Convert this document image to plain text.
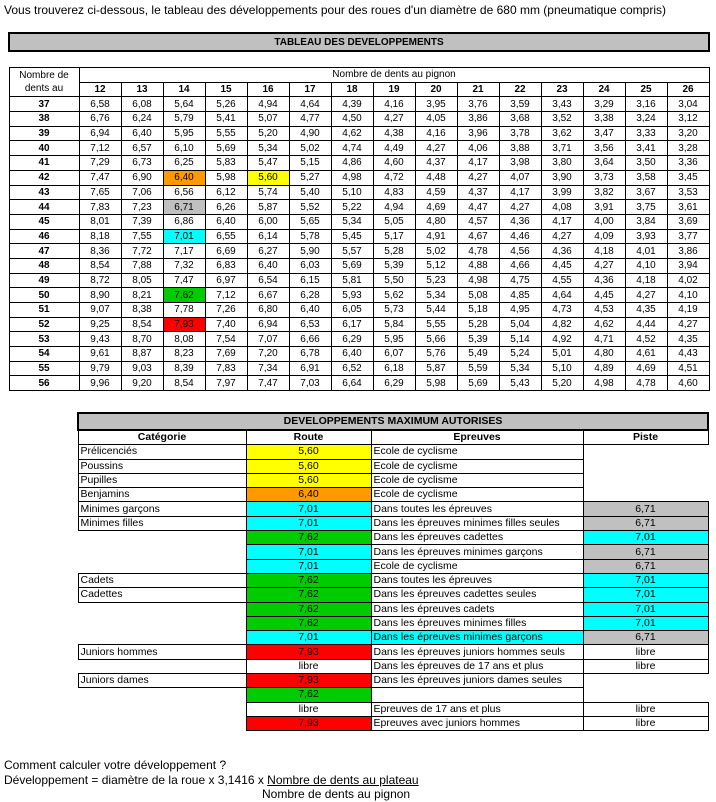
Vous trouverez ci-dessous, le tableau des développements pour des roues d'un diamètre de 680 mm (pneumatique compris)
TABLEAU DES DEVELOPPEMENTS															

Nombre de dents au	Nombre de dents au pignon														
	12	13	14	15	16	17	18	19	20	21	22	23	24	25	26
37	6,58	6,08	5,64	5,26	4,94	4,64	4,39	4,16	3,95	3,76	3,59	3,43	3,29	3,16	3,04
38	6,76	6,24	5,79	5,41	5,07	4,77	4,50	4,27	4,05	3,86	3,68	3,52	3,38	3,24	3,12
39	6,94	6,40	5,95	5,55	5,20	4,90	4,62	4,38	4,16	3,96	3,78	3,62	3,47	3,33	3,20
40	7,12	6,57	6,10	5,69	5,34	5,02	4,74	4,49	4,27	4,06	3,88	3,71	3,56	3,41	3,28
41	7,29	6,73	6,25	5,83	5,47	5,15	4,86	4,60	4,37	4,17	3,98	3,80	3,64	3,50	3,36
42	7,47	6,90	6,40	5,98	5,60	5,27	4,98	4,72	4,48	4,27	4,07	3,90	3,73	3,58	3,45
43	7,65	7,06	6,56	6,12	5,74	5,40	5,10	4,83	4,59	4,37	4,17	3,99	3,82	3,67	3,53
44	7,83	7,23	6,71	6,26	5,87	5,52	5,22	4,94	4,69	4,47	4,27	4,08	3,91	3,75	3,61
45	8,01	7,39	6,86	6,40	6,00	5,65	5,34	5,05	4,80	4,57	4,36	4,17	4,00	3,84	3,69
46	8,18	7,55	7,01	6,55	6,14	5,78	5,45	5,17	4,91	4,67	4,46	4,27	4,09	3,93	3,77
47	8,36	7,72	7,17	6,69	6,27	5,90	5,57	5,28	5,02	4,78	4,56	4,36	4,18	4,01	3,86
48	8,54	7,88	7,32	6,83	6,40	6,03	5,69	5,39	5,12	4,88	4,66	4,45	4,27	4,10	3,94
49	8,72	8,05	7,47	6,97	6,54	6,15	5,81	5,50	5,23	4,98	4,75	4,55	4,36	4,18	4,02
50	8,90	8,21	7,62	7,12	6,67	6,28	5,93	5,62	5,34	5,08	4,85	4,64	4,45	4,27	4,10
51	9,07	8,38	7,78	7,26	6,80	6,40	6,05	5,73	5,44	5,18	4,95	4,73	4,53	4,35	4,19
52	9,25	8,54	7,93	7,40	6,94	6,53	6,17	5,84	5,55	5,28	5,04	4,82	4,62	4,44	4,27
53	9,43	8,70	8,08	7,54	7,07	6,66	6,29	5,95	5,66	5,39	5,14	4,92	4,71	4,52	4,35
54	9,61	8,87	8,23	7,69	7,20	6,78	6,40	6,07	5,76	5,49	5,24	5,01	4,80	4,61	4,43
55	9,79	9,03	8,39	7,83	7,34	6,91	6,52	6,18	5,87	5,59	5,34	5,10	4,89	4,69	4,51
56	9,96	9,20	8,54	7,97	7,47	7,03	6,64	6,29	5,98	5,69	5,43	5,20	4,98	4,78	4,60
DEVELOPPEMENTS MAXIMUM AUTORISES			
Catégorie	Route	Epreuves	Piste
Prélicenciés	5,60	Ecole de cyclisme	
Poussins	5,60	Ecole de cyclisme	
Pupilles	5,60	Ecole de cyclisme	
Benjamins	6,40	Ecole de cyclisme	
Minimes garçons	7,01	Dans toutes les épreuves	6,71
Minimes filles	7,01	Dans les épreuves minimes filles seules	6,71
	7,62	Dans les épreuves cadettes	7,01
	7,01	Dans les épreuves minimes garçons	6,71
	7,01	Ecole de cyclisme	6,71
Cadets	7,62	Dans toutes les épreuves	7,01
Cadettes	7,62	Dans les épreuves cadettes seules	7,01
	7,62	Dans les épreuves cadets	7,01
	7,62	Dans les épreuves minimes filles	7,01
	7,01	Dans les épreuves minimes garçons	6,71
Juniors hommes	7,93	Dans les épreuves juniors hommes seuls	libre
	libre	Dans les épreuves de 17 ans et plus	libre
Juniors dames	7,93	Dans les épreuves juniors dames seules	
	7,62		
	libre	Epreuves de 17 ans et plus	libre
	7,93	Epreuves avec juniors hommes	libre
Comment calculer votre développement ?
Développement = diamètre de la roue x 3,1416 x Nombre de dents au plateau
Nombre de dents au pignon
